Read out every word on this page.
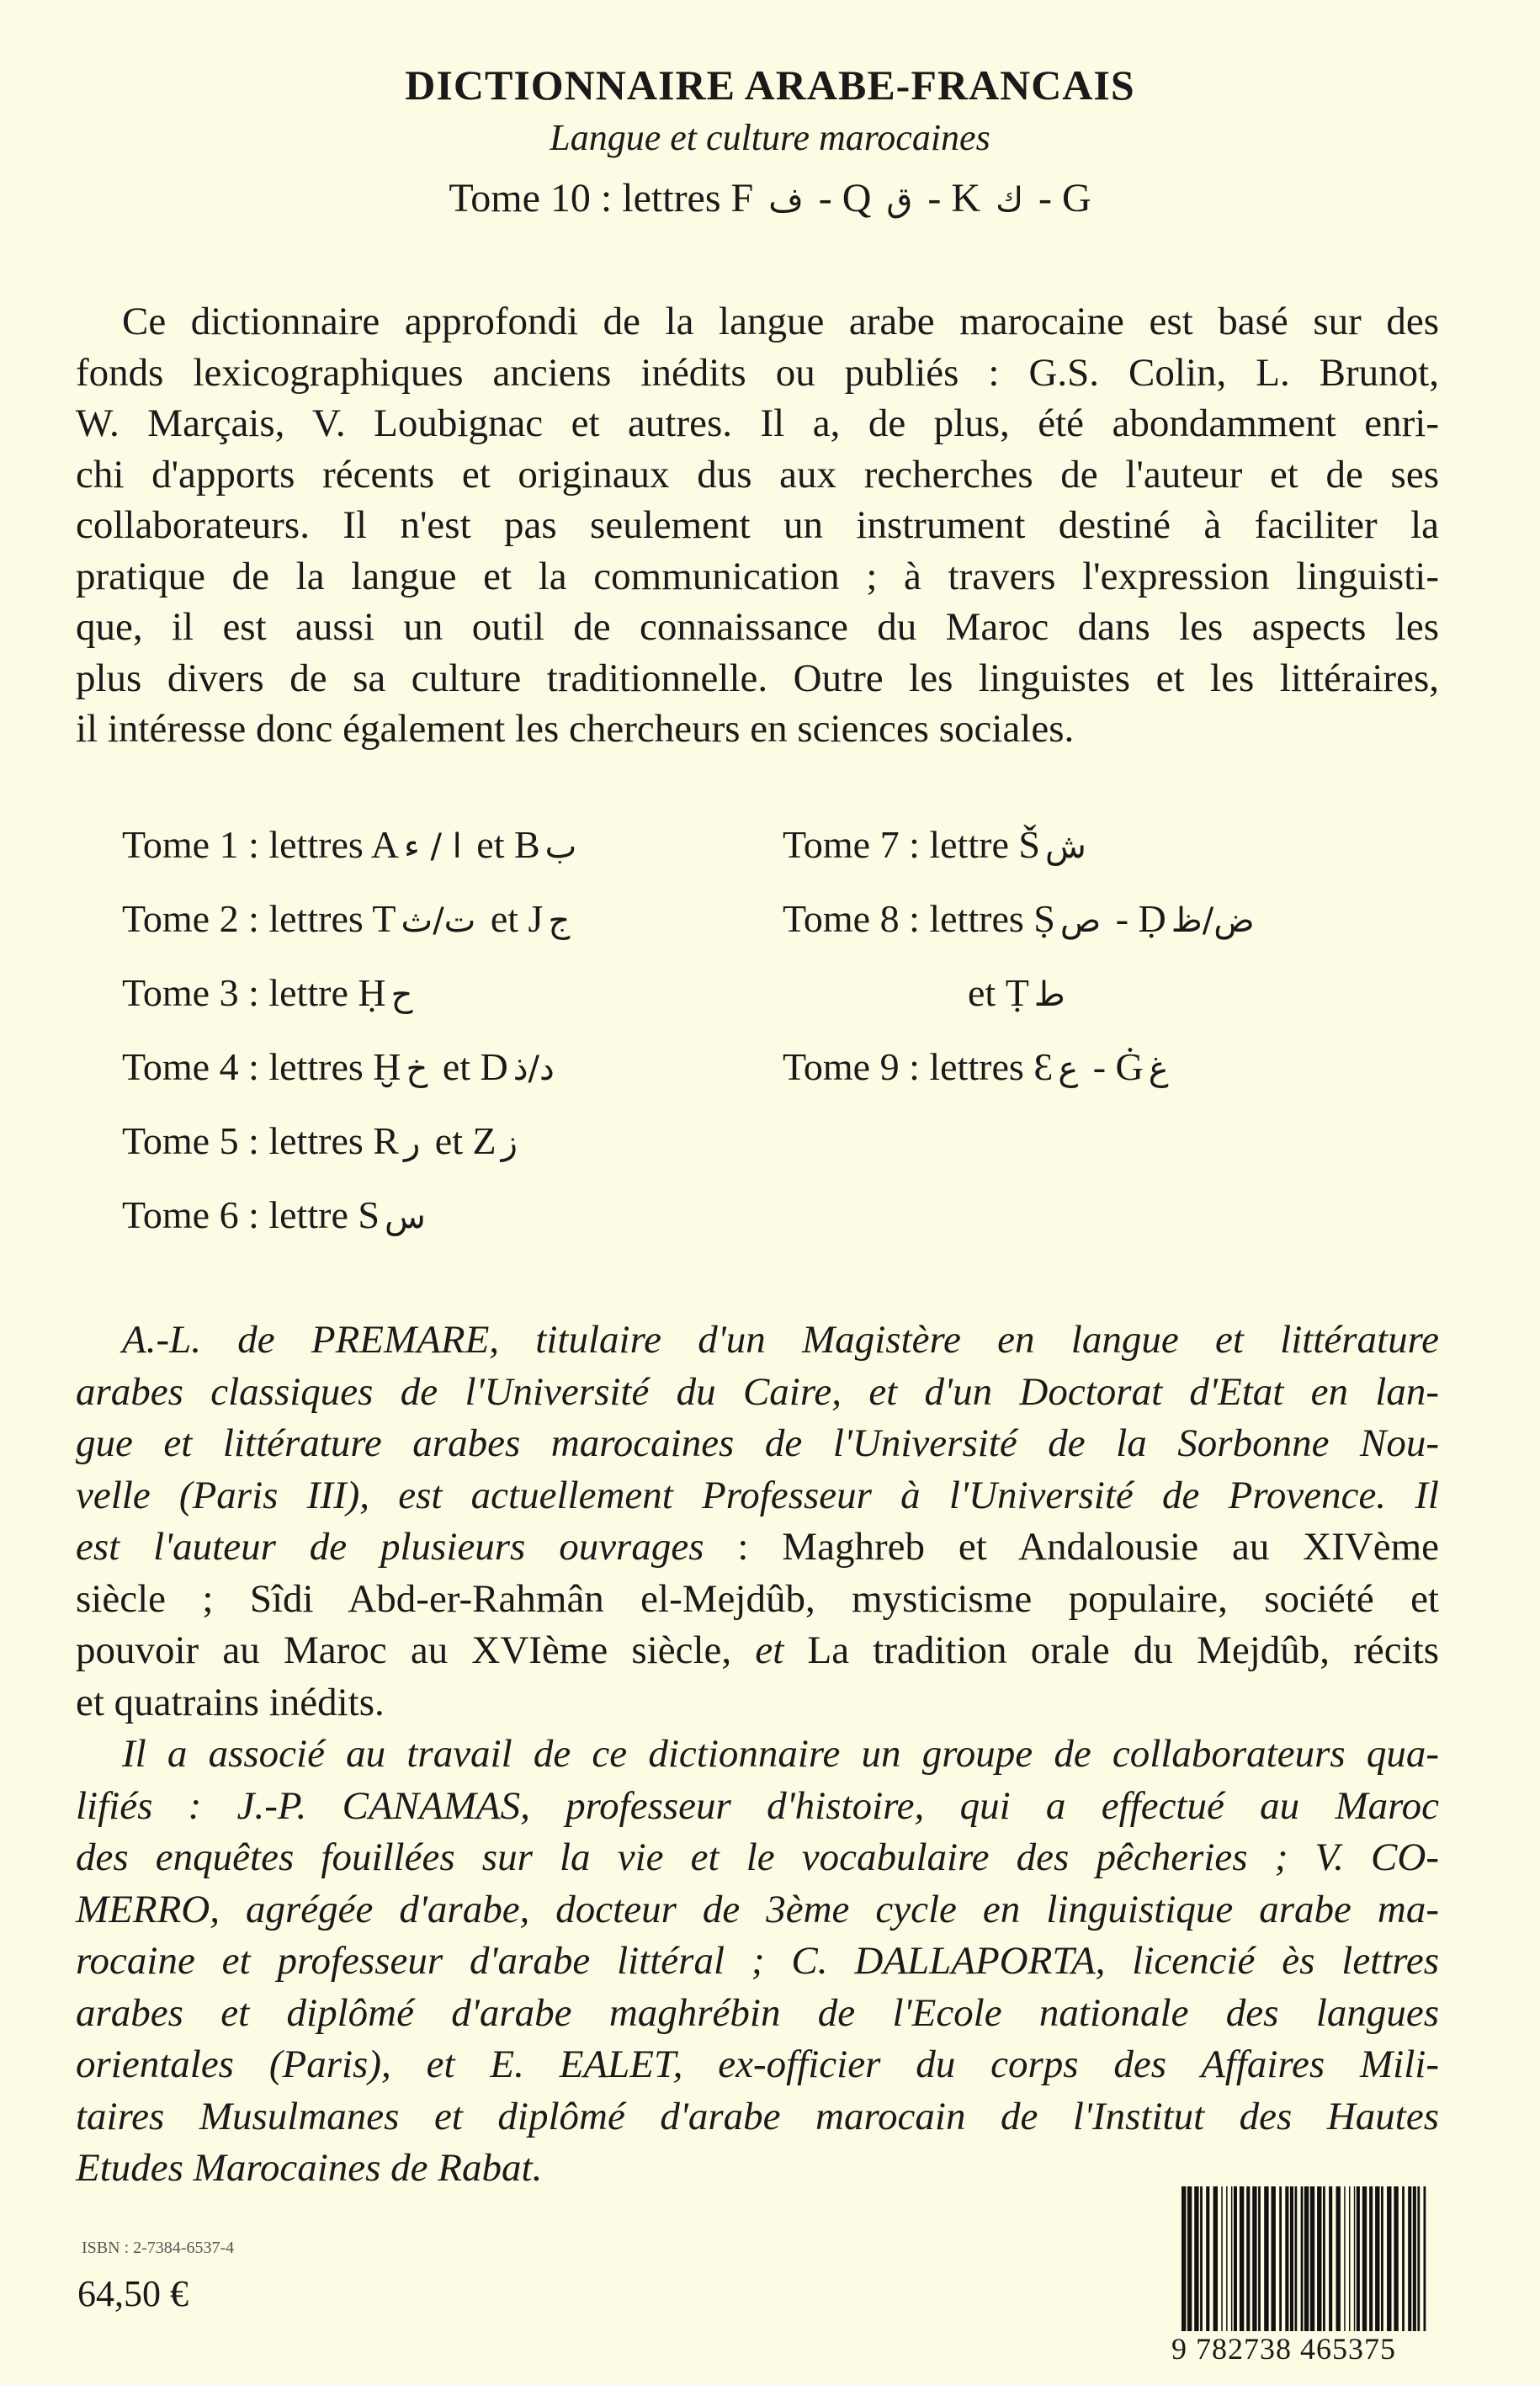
DICTIONNAIRE ARABE-FRANCAIS
Langue et culture marocaines
Tome 10 : lettres F ف - Q ق - K ك - G
Ce dictionnaire approfondi de la langue arabe marocaine est basé sur des
fonds lexicographiques anciens inédits ou publiés : G.S. Colin, L. Brunot,
W. Marçais, V. Loubignac et autres. Il a, de plus, été abondamment enri-
chi d'apports récents et originaux dus aux recherches de l'auteur et de ses
collaborateurs. Il n'est pas seulement un instrument destiné à faciliter la
pratique de la langue et la communication ; à travers l'expression linguisti-
que, il est aussi un outil de connaissance du Maroc dans les aspects les
plus divers de sa culture traditionnelle. Outre les linguistes et les littéraires,
il intéresse donc également les chercheurs en sciences sociales.
Tome 1 : lettres A ا / ء et B ب
Tome 2 : lettres T ت/ث et J ج
Tome 3 : lettre Ḥ ح
Tome 4 : lettres Ḫ خ et D د/ذ
Tome 5 : lettres R ر et Z ز
Tome 6 : lettre S س
Tome 7 : lettre Š ش
Tome 8 : lettres Ṣ ص - Ḍ ض/ظ
et Ṭ ط
Tome 9 : lettres Ɛ ع - Ġ غ
A.-L. de PREMARE, titulaire d'un Magistère en langue et littérature
arabes classiques de l'Université du Caire, et d'un Doctorat d'Etat en lan-
gue et littérature arabes marocaines de l'Université de la Sorbonne Nou-
velle (Paris III), est actuellement Professeur à l'Université de Provence. Il
est l'auteur de plusieurs ouvrages : Maghreb et Andalousie au XIVème
siècle ; Sîdi Abd-er-Rahmân el-Mejdûb, mysticisme populaire, société et
pouvoir au Maroc au XVIème siècle, et La tradition orale du Mejdûb, récits
et quatrains inédits.
Il a associé au travail de ce dictionnaire un groupe de collaborateurs qua-
lifiés : J.-P. CANAMAS, professeur d'histoire, qui a effectué au Maroc
des enquêtes fouillées sur la vie et le vocabulaire des pêcheries ; V. CO-
MERRO, agrégée d'arabe, docteur de 3ème cycle en linguistique arabe ma-
rocaine et professeur d'arabe littéral ; C. DALLAPORTA, licencié ès lettres
arabes et diplômé d'arabe maghrébin de l'Ecole nationale des langues
orientales (Paris), et E. EALET, ex-officier du corps des Affaires Mili-
taires Musulmanes et diplômé d'arabe marocain de l'Institut des Hautes
Etudes Marocaines de Rabat.
ISBN : 2-7384-6537-4
64,50 €
9 782738 465375
